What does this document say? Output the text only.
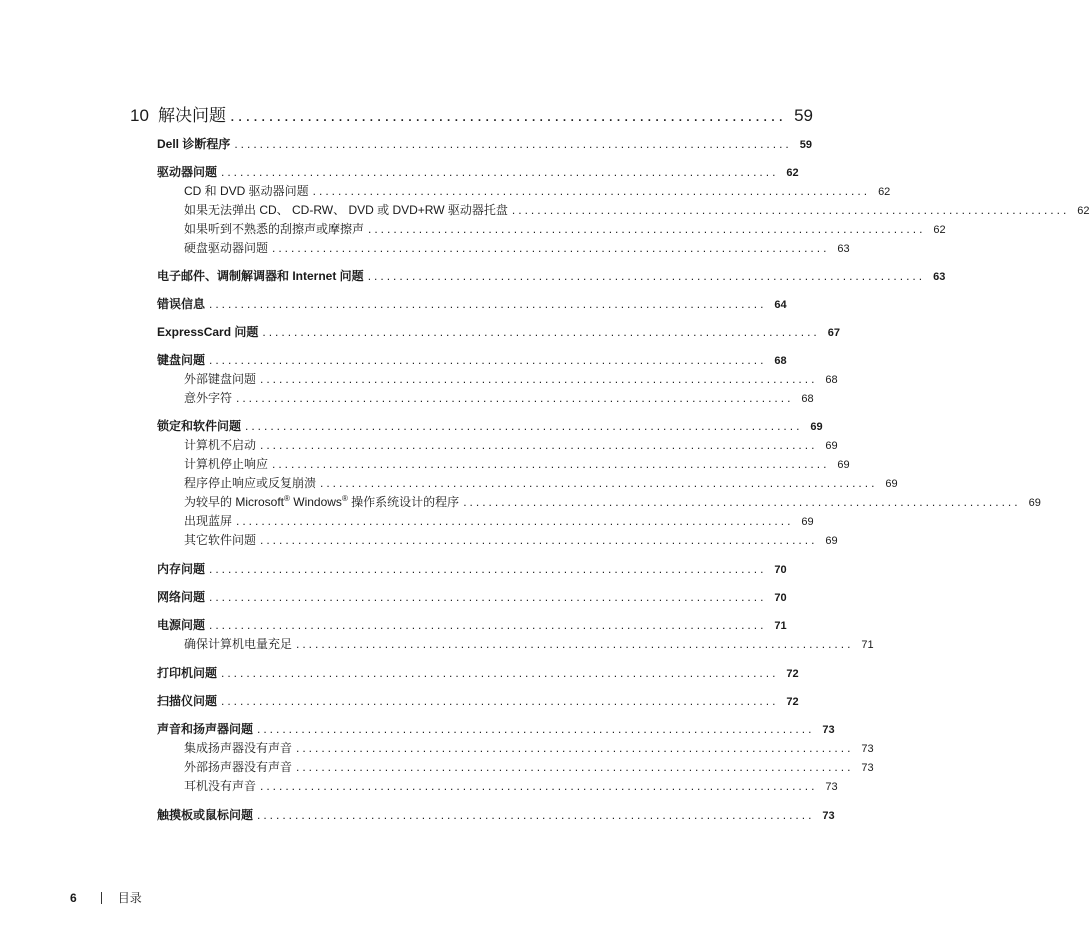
10 解决问题 ........................................................................ 59
Dell 诊断程序 ........................................................................................ 59
驱动器问题 ........................................................................................ 62
CD 和 DVD 驱动器问题 ........................................................................................ 62
如果无法弹出 CD、 CD-RW、 DVD 或 DVD+RW 驱动器托盘 ........................................................................................ 62
如果听到不熟悉的刮擦声或摩擦声 ........................................................................................ 62
硬盘驱动器问题 ........................................................................................ 63
电子邮件、调制解调器和 Internet 问题 ........................................................................................ 63
错误信息 ........................................................................................ 64
ExpressCard 问题 ........................................................................................ 67
键盘问题 ........................................................................................ 68
外部键盘问题 ........................................................................................ 68
意外字符 ........................................................................................ 68
锁定和软件问题 ........................................................................................ 69
计算机不启动 ........................................................................................ 69
计算机停止响应 ........................................................................................ 69
程序停止响应或反复崩溃 ........................................................................................ 69
为较早的 Microsoft® Windows® 操作系统设计的程序 ........................................................................................ 69
出现蓝屏 ........................................................................................ 69
其它软件问题 ........................................................................................ 69
内存问题 ........................................................................................ 70
网络问题 ........................................................................................ 70
电源问题 ........................................................................................ 71
确保计算机电量充足 ........................................................................................ 71
打印机问题 ........................................................................................ 72
扫描仪问题 ........................................................................................ 72
声音和扬声器问题 ........................................................................................ 73
集成扬声器没有声音 ........................................................................................ 73
外部扬声器没有声音 ........................................................................................ 73
耳机没有声音 ........................................................................................ 73
触摸板或鼠标问题 ........................................................................................ 73
6	目录
